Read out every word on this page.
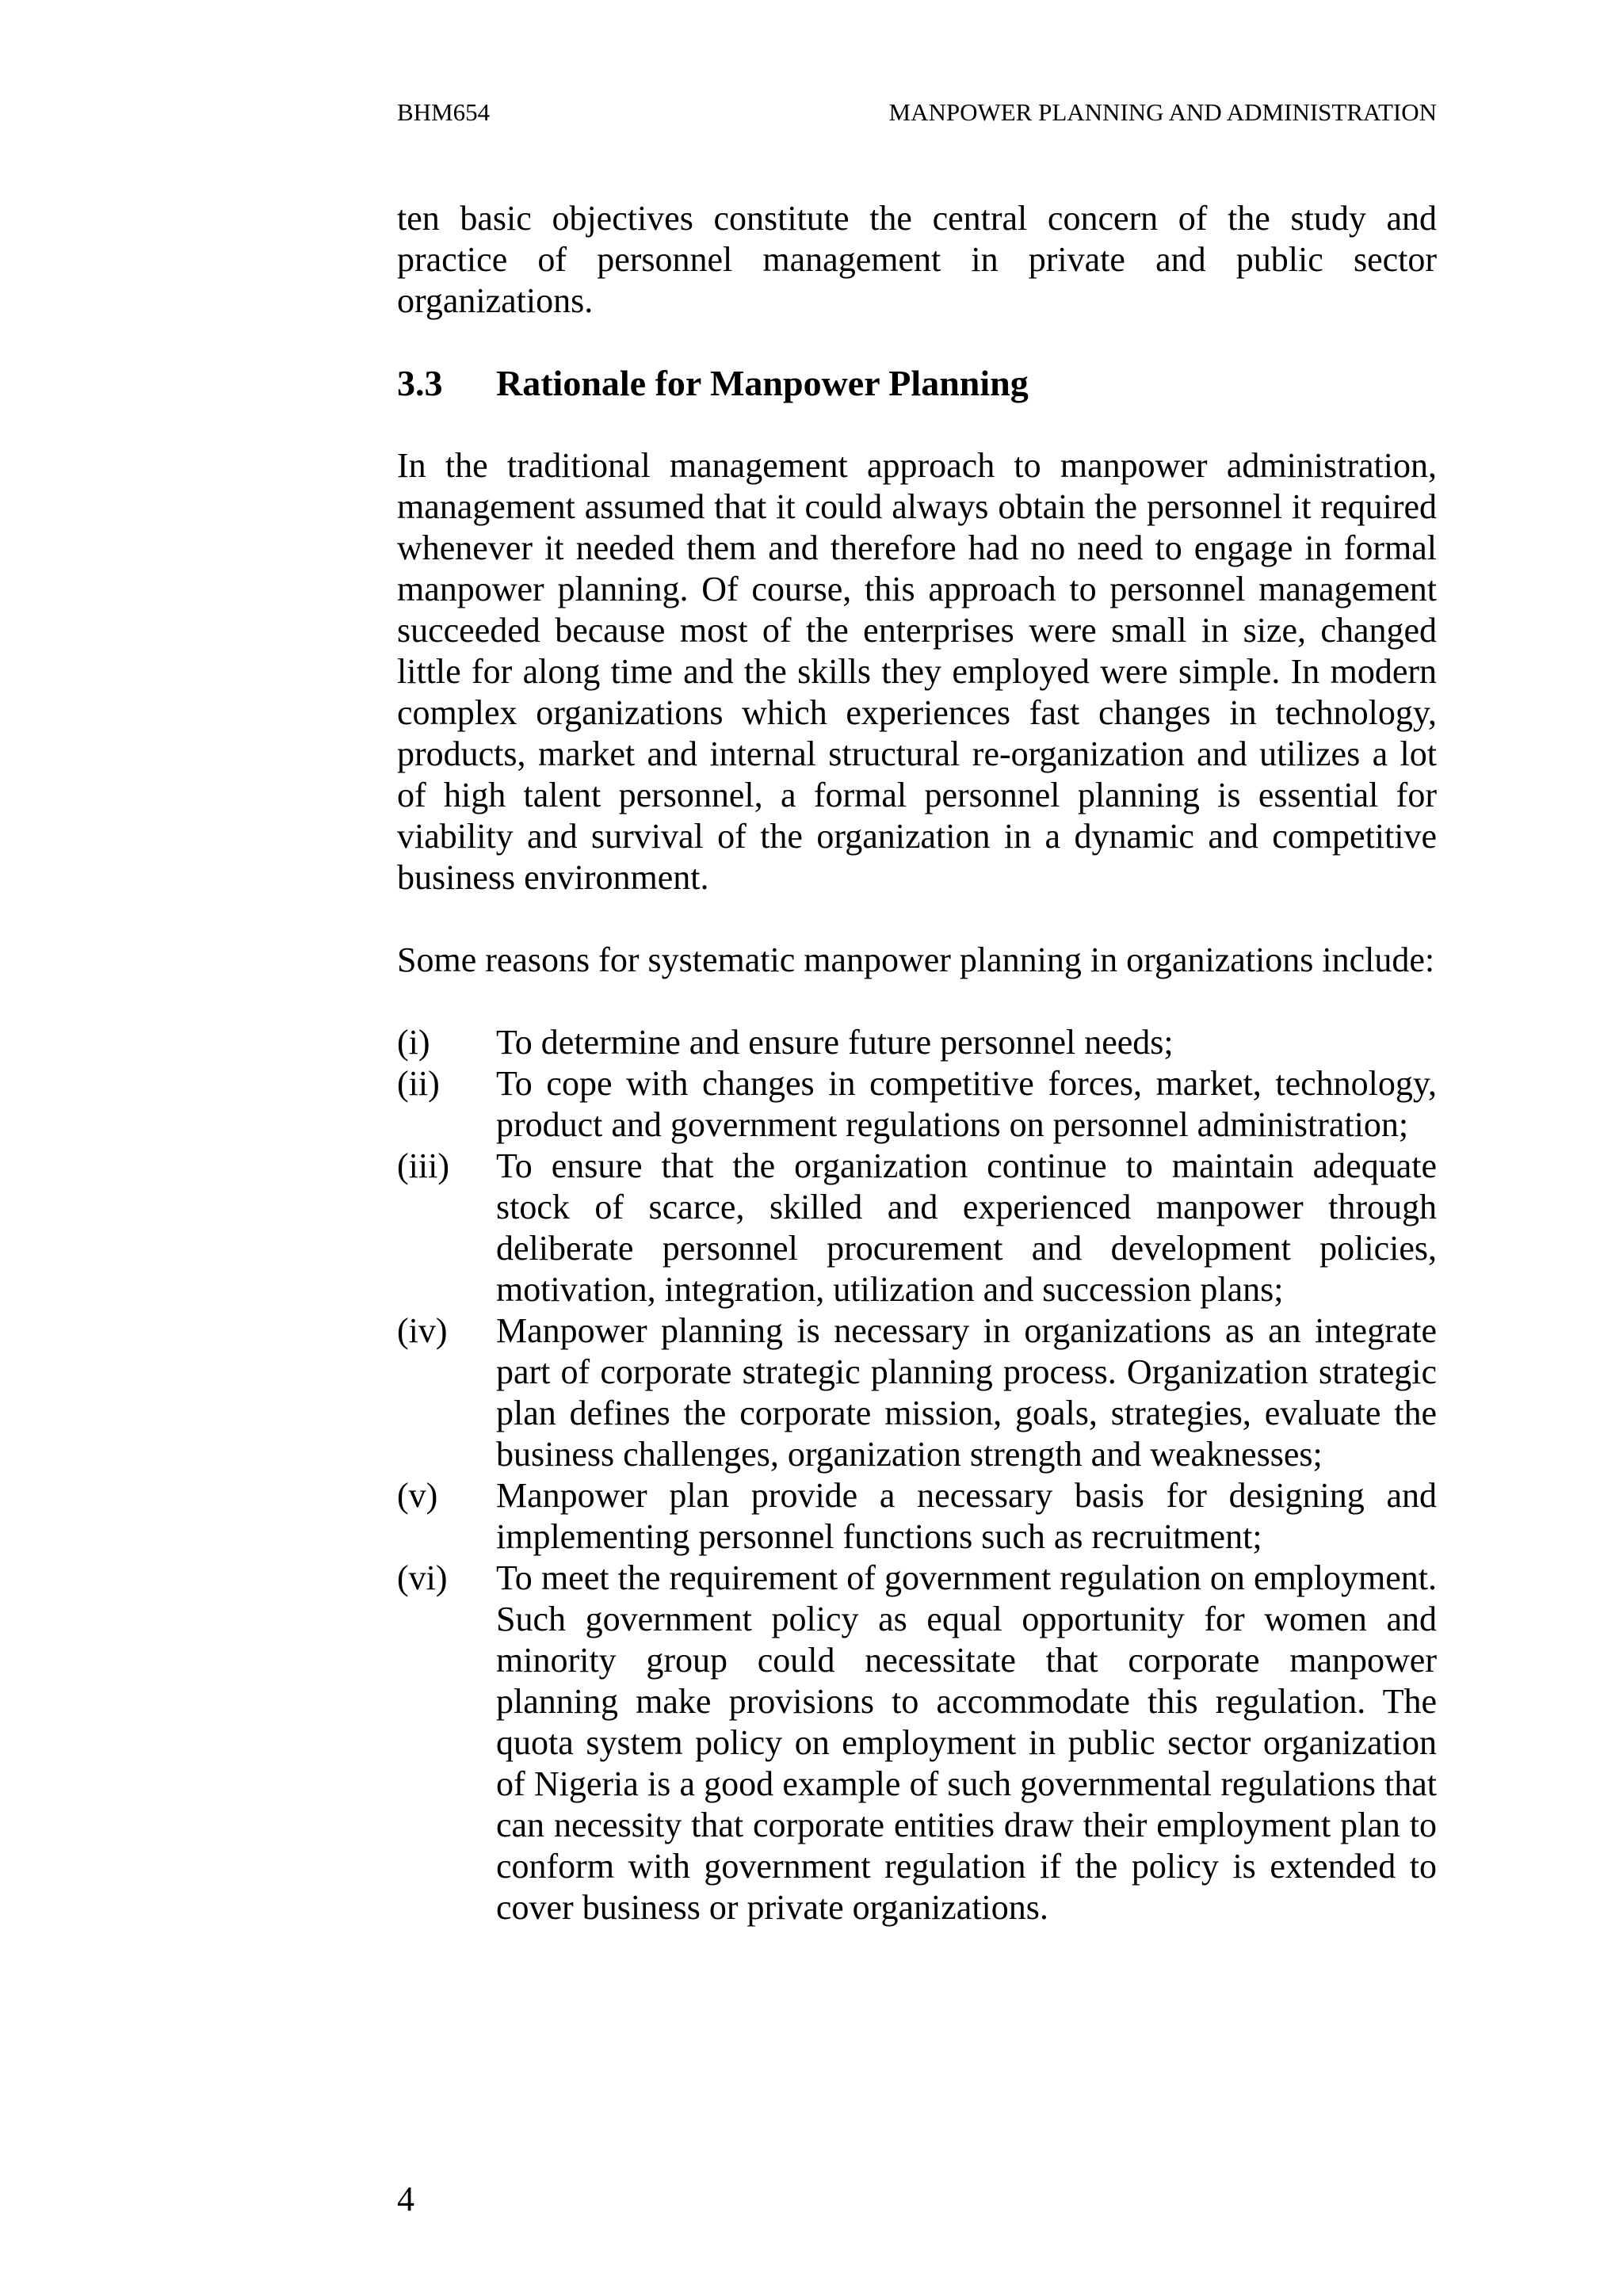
BHM654	MANPOWER PLANNING AND ADMINISTRATION

ten basic objectives constitute the central concern of the study and practice of personnel management in private and public sector organizations.

3.3	Rationale for Manpower Planning

In the traditional management approach to manpower administration, management assumed that it could always obtain the personnel it required whenever it needed them and therefore had no need to engage in formal manpower planning. Of course, this approach to personnel management succeeded because most of the enterprises were small in size, changed little for along time and the skills they employed were simple. In modern complex organizations which experiences fast changes in technology, products, market and internal structural re-organization and utilizes a lot of high talent personnel, a formal personnel planning is essential for viability and survival of the organization in a dynamic and competitive business environment.

Some reasons for systematic manpower planning in organizations include:

(i)	To determine and ensure future personnel needs;
(ii)	To cope with changes in competitive forces, market, technology, product and government regulations on personnel administration;
(iii)	To ensure that the organization continue to maintain adequate stock of scarce, skilled and experienced manpower through deliberate personnel procurement and development policies, motivation, integration, utilization and succession plans;
(iv)	Manpower planning is necessary in organizations as an integrate part of corporate strategic planning process. Organization strategic plan defines the corporate mission, goals, strategies, evaluate the business challenges, organization strength and weaknesses;
(v)	Manpower plan provide a necessary basis for designing and implementing personnel functions such as recruitment;
(vi)	To meet the requirement of government regulation on employment. Such government policy as equal opportunity for women and minority group could necessitate that corporate manpower planning make provisions to accommodate this regulation. The quota system policy on employment in public sector organization of Nigeria is a good example of such governmental regulations that can necessity that corporate entities draw their employment plan to conform with government regulation if the policy is extended to cover business or private organizations.
4
